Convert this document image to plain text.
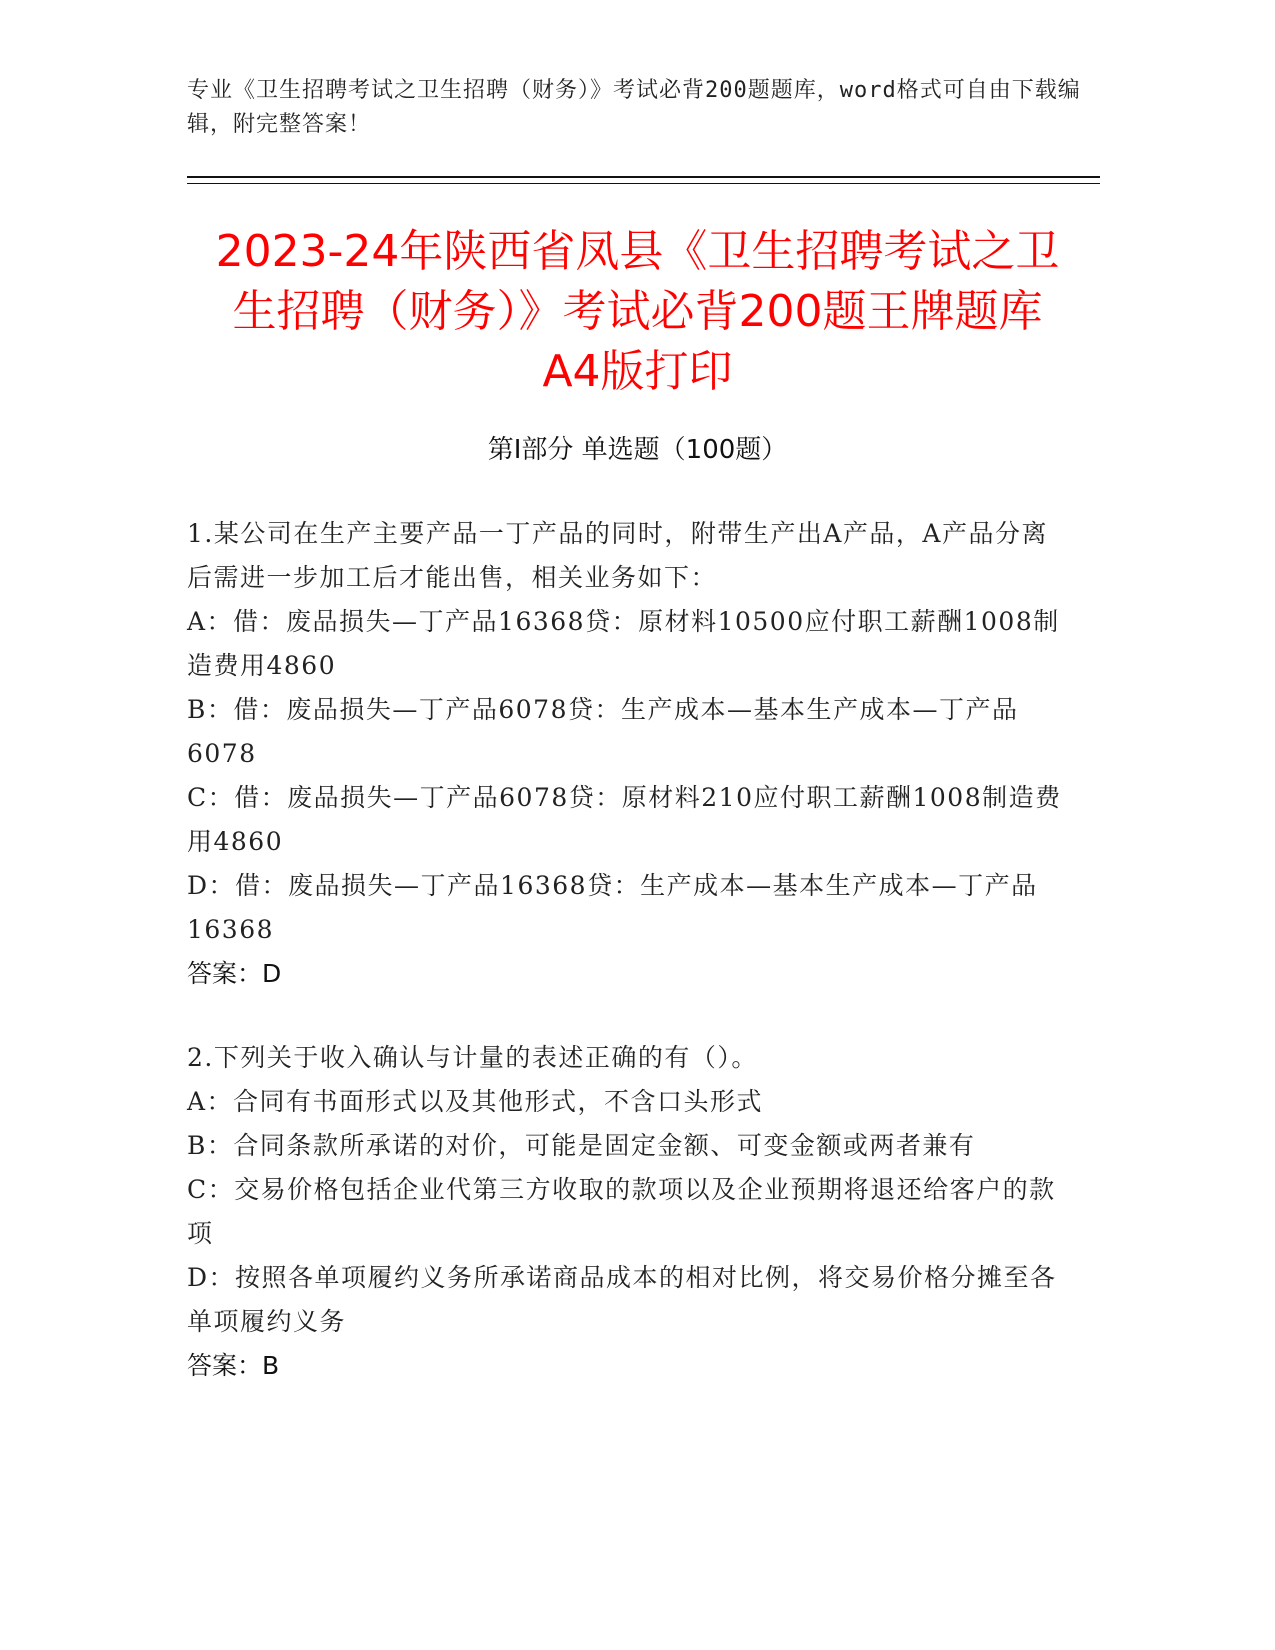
专业《卫生招聘考试之卫生招聘（财务）》考试必背200题题库，word格式可自由下载编辑，附完整答案！
2023-24年陕西省凤县《卫生招聘考试之卫
生招聘（财务）》考试必背200题王牌题库
A4版打印
第I部分 单选题（100题）

1.某公司在生产主要产品一丁产品的同时，附带生产出A产品，A产品分离后需进一步加工后才能出售，相关业务如下：

A：借：废品损失—丁产品16368贷：原材料10500应付职工薪酬1008制造费用4860

B：借：废品损失—丁产品6078贷：生产成本—基本生产成本—丁产品6078

C：借：废品损失—丁产品6078贷：原材料210应付职工薪酬1008制造费用4860

D：借：废品损失—丁产品16368贷：生产成本—基本生产成本—丁产品16368

答案：D

2.下列关于收入确认与计量的表述正确的有（）。

A：合同有书面形式以及其他形式，不含口头形式

B：合同条款所承诺的对价，可能是固定金额、可变金额或两者兼有

C：交易价格包括企业代第三方收取的款项以及企业预期将退还给客户的款项

D：按照各单项履约义务所承诺商品成本的相对比例，将交易价格分摊至各单项履约义务

答案：B
